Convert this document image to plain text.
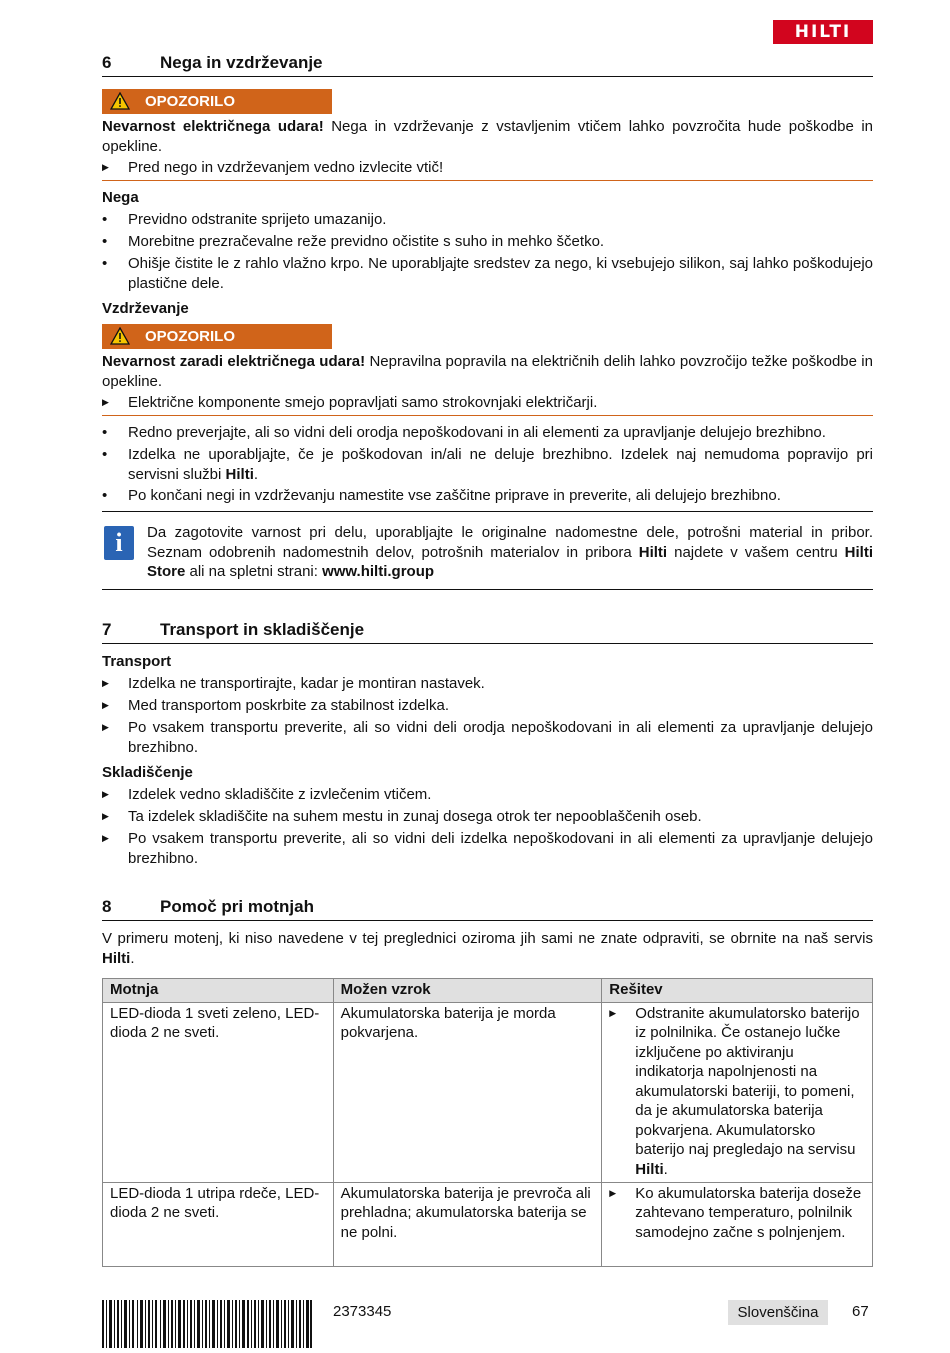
HILTI
6	Nega in vzdrževanje
OPOZORILO
Nevarnost električnega udara! Nega in vzdrževanje z vstavljenim vtičem lahko povzročita hude poškodbe in opekline.
▶	Pred nego in vzdrževanjem vedno izvlecite vtič!
Nega
•	Previdno odstranite sprijeto umazanijo.
•	Morebitne prezračevalne reže previdno očistite s suho in mehko ščetko.
•	Ohišje čistite le z rahlo vlažno krpo. Ne uporabljajte sredstev za nego, ki vsebujejo silikon, saj lahko poškodujejo plastične dele.
Vzdrževanje
OPOZORILO
Nevarnost zaradi električnega udara! Nepravilna popravila na električnih delih lahko povzročijo težke poškodbe in opekline.
▶	Električne komponente smejo popravljati samo strokovnjaki električarji.
•	Redno preverjajte, ali so vidni deli orodja nepoškodovani in ali elementi za upravljanje delujejo brezhibno.
•	Izdelka ne uporabljajte, če je poškodovan in/ali ne deluje brezhibno. Izdelek naj nemudoma popravijo pri servisni službi Hilti.
•	Po končani negi in vzdrževanju namestite vse zaščitne priprave in preverite, ali delujejo brezhibno.
i	Da zagotovite varnost pri delu, uporabljajte le originalne nadomestne dele, potrošni material in pribor. Seznam odobrenih nadomestnih delov, potrošnih materialov in pribora Hilti najdete v vašem centru Hilti Store ali na spletni strani: www.hilti.group
7	Transport in skladiščenje
Transport
▶	Izdelka ne transportirajte, kadar je montiran nastavek.
▶	Med transportom poskrbite za stabilnost izdelka.
▶	Po vsakem transportu preverite, ali so vidni deli orodja nepoškodovani in ali elementi za upravljanje delujejo brezhibno.
Skladiščenje
▶	Izdelek vedno skladiščite z izvlečenim vtičem.
▶	Ta izdelek skladiščite na suhem mestu in zunaj dosega otrok ter nepooblaščenih oseb.
▶	Po vsakem transportu preverite, ali so vidni deli izdelka nepoškodovani in ali elementi za upravljanje delujejo brezhibno.
8	Pomoč pri motnjah
V primeru motenj, ki niso navedene v tej preglednici oziroma jih sami ne znate odpraviti, se obrnite na naš servis Hilti.
Motnja	Možen vzrok	Rešitev
LED-dioda 1 sveti zeleno, LED-dioda 2 ne sveti.	Akumulatorska baterija je morda pokvarjena.	▶ Odstranite akumulatorsko baterijo iz polnilnika. Če ostanejo lučke izključene po aktiviranju indikatorja napolnjenosti na akumulatorski bateriji, to pomeni, da je akumulatorska baterija pokvarjena. Akumulatorsko baterijo naj pregledajo na servisu Hilti.

LED-dioda 1 utripa rdeče, LED-dioda 2 ne sveti.	Akumulatorska baterija je prevroča ali prehladna; akumulatorska baterija se ne polni.	▶ Ko akumulatorska baterija doseže zahtevano temperaturo, polnilnik samodejno začne s polnjenjem.
2373345	Slovenščina	67
